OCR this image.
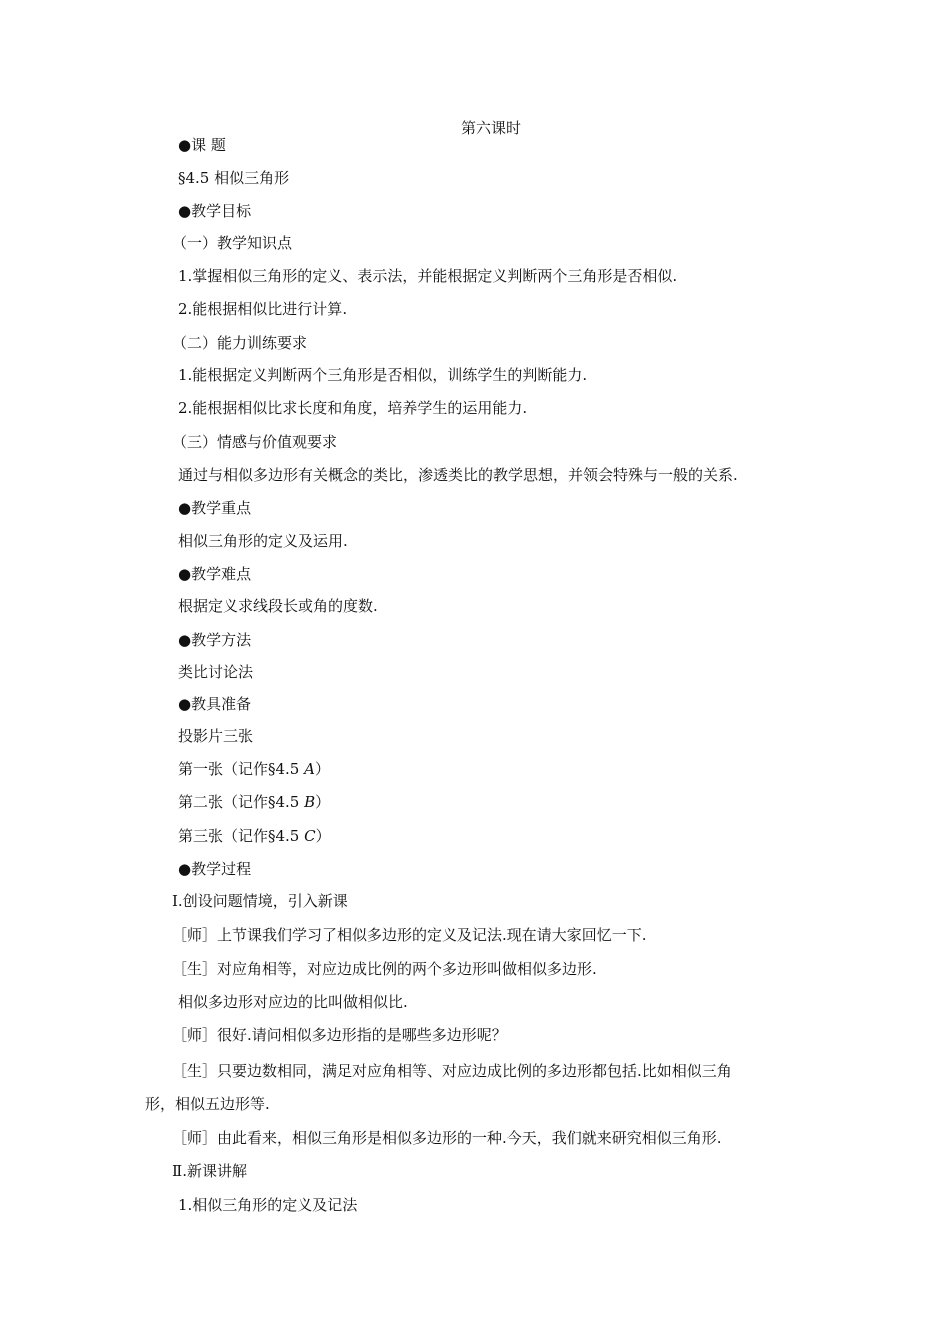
第六课时
●课 题
§4.5 相似三角形
●教学目标
（一）教学知识点
1.掌握相似三角形的定义、表示法，并能根据定义判断两个三角形是否相似.
2.能根据相似比进行计算.
（二）能力训练要求
1.能根据定义判断两个三角形是否相似，训练学生的判断能力.
2.能根据相似比求长度和角度，培养学生的运用能力.
（三）情感与价值观要求
通过与相似多边形有关概念的类比，渗透类比的教学思想，并领会特殊与一般的关系.
●教学重点
相似三角形的定义及运用.
●教学难点
根据定义求线段长或角的度数.
●教学方法
类比讨论法
●教具准备
投影片三张
第一张（记作§4.5 A）
第二张（记作§4.5 B）
第三张（记作§4.5 C）
●教学过程
Ⅰ.创设问题情境，引入新课
［师］上节课我们学习了相似多边形的定义及记法.现在请大家回忆一下.
［生］对应角相等，对应边成比例的两个多边形叫做相似多边形.
相似多边形对应边的比叫做相似比.
［师］很好.请问相似多边形指的是哪些多边形呢？
［生］只要边数相同，满足对应角相等、对应边成比例的多边形都包括.比如相似三角
形，相似五边形等.
［师］由此看来，相似三角形是相似多边形的一种.今天，我们就来研究相似三角形.
Ⅱ.新课讲解
1.相似三角形的定义及记法
